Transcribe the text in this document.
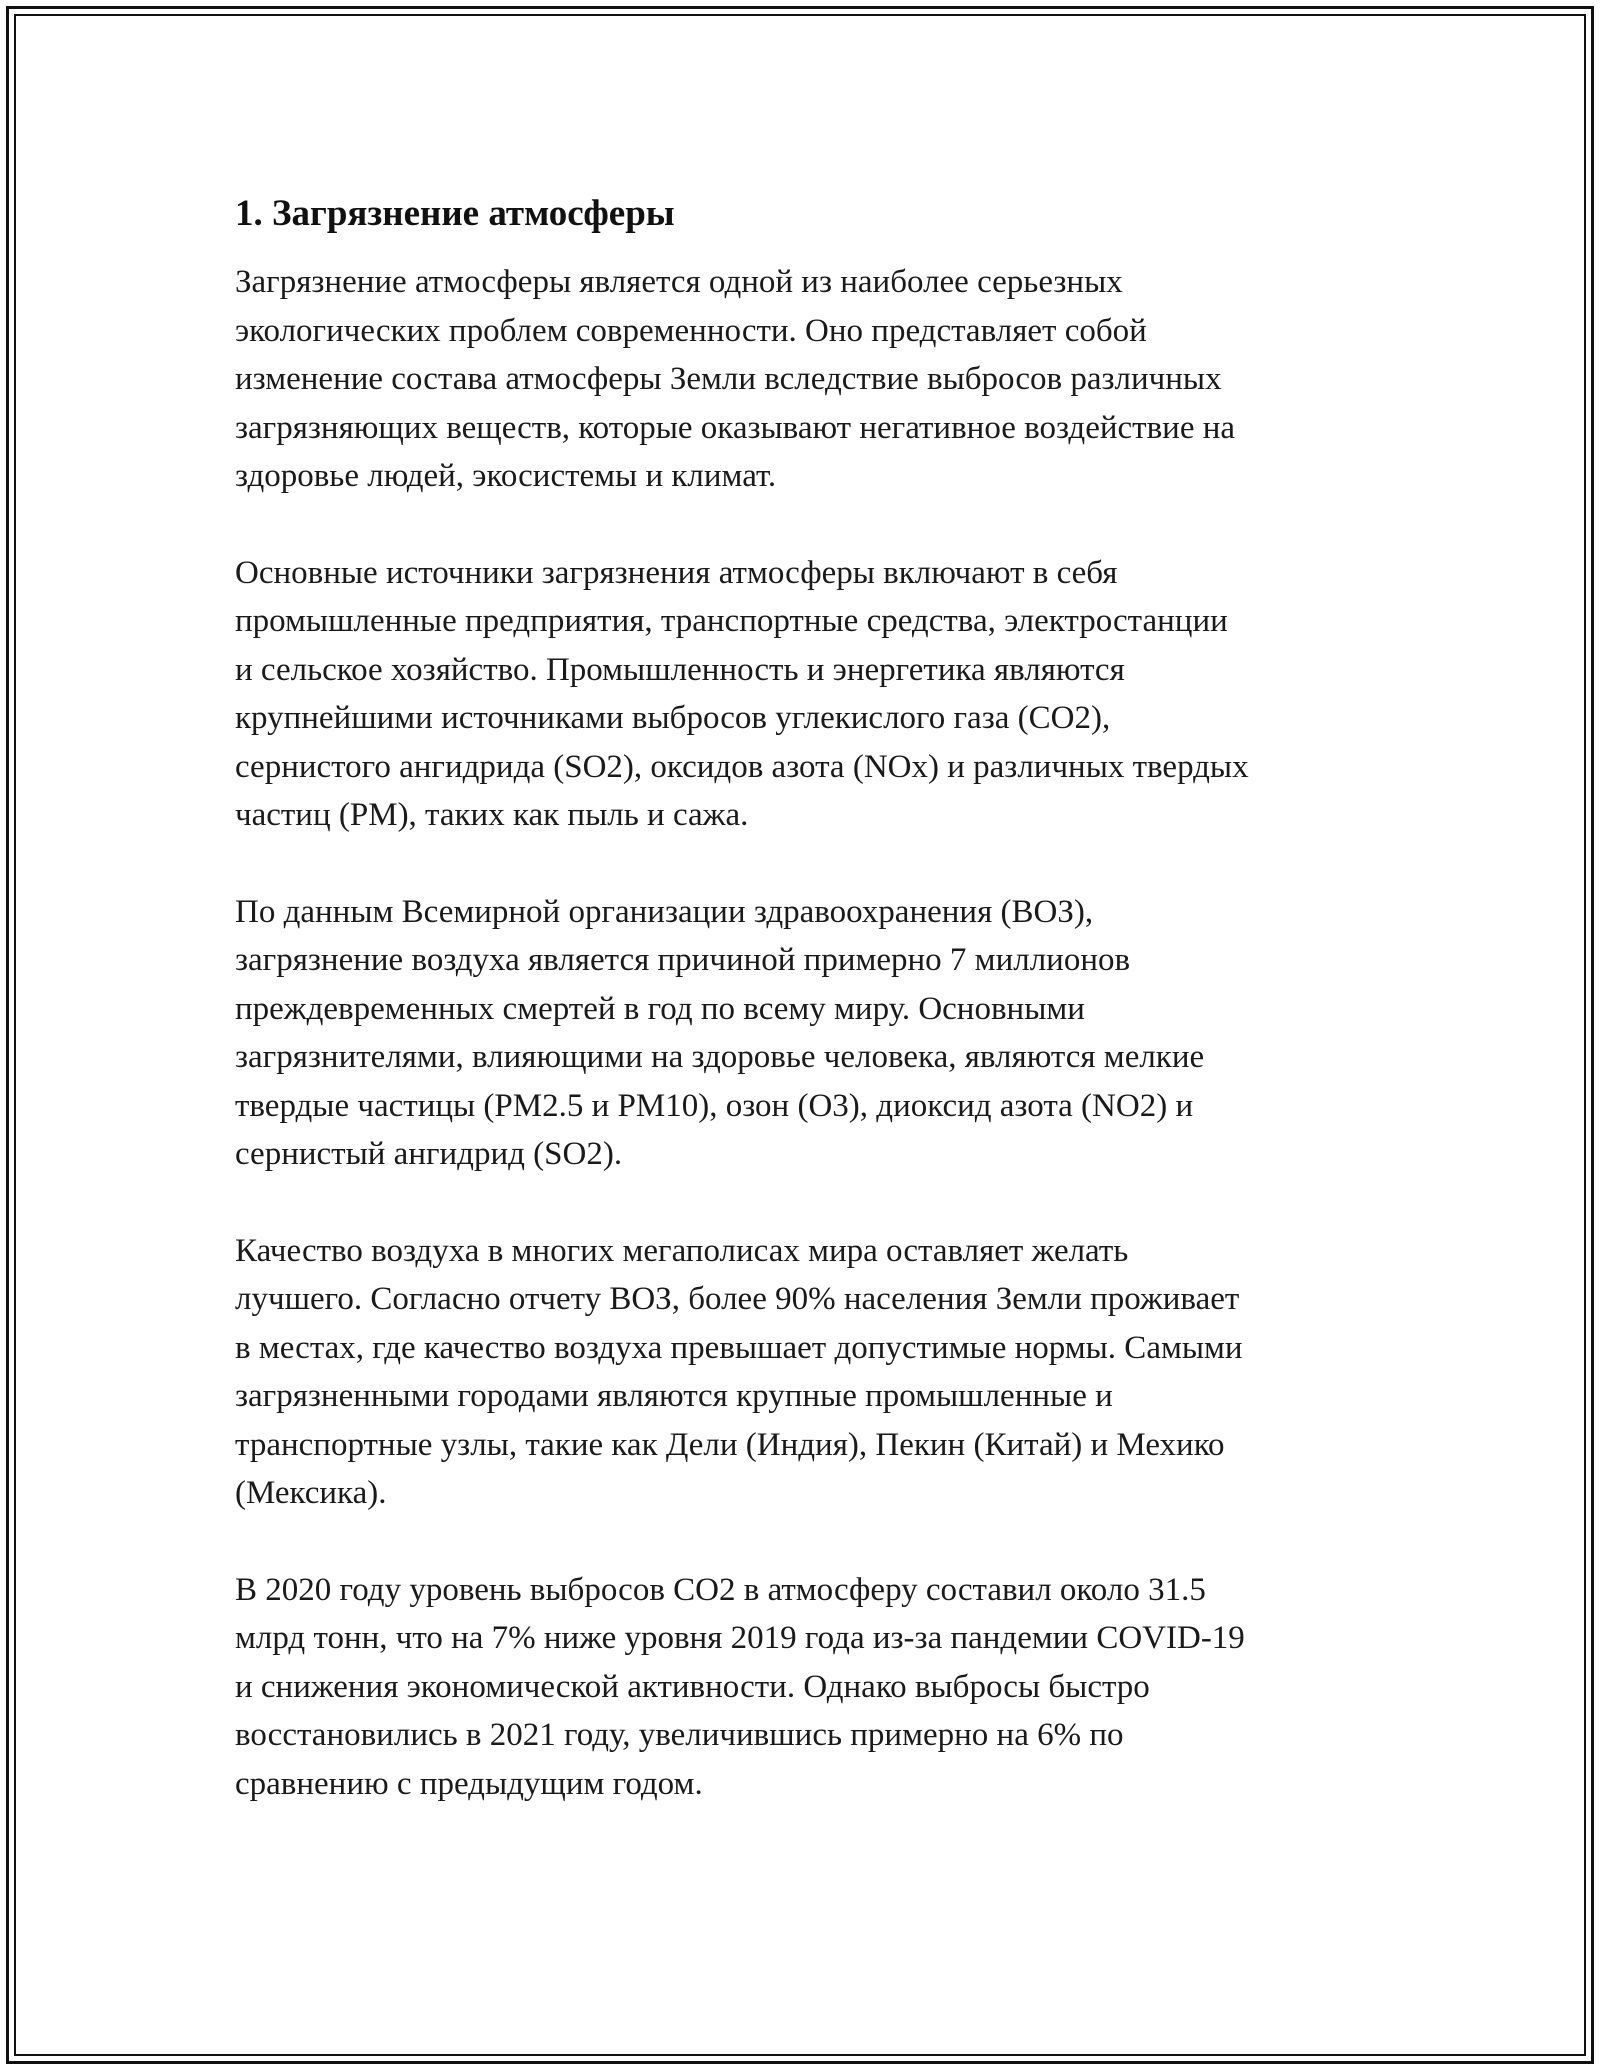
1. Загрязнение атмосферы

Загрязнение атмосферы является одной из наиболее серьезных
экологических проблем современности. Оно представляет собой
изменение состава атмосферы Земли вследствие выбросов различных
загрязняющих веществ, которые оказывают негативное воздействие на
здоровье людей, экосистемы и климат.

Основные источники загрязнения атмосферы включают в себя
промышленные предприятия, транспортные средства, электростанции
и сельское хозяйство. Промышленность и энергетика являются
крупнейшими источниками выбросов углекислого газа (CO2),
сернистого ангидрида (SO2), оксидов азота (NOx) и различных твердых
частиц (PM), таких как пыль и сажа.

По данным Всемирной организации здравоохранения (ВОЗ),
загрязнение воздуха является причиной примерно 7 миллионов
преждевременных смертей в год по всему миру. Основными
загрязнителями, влияющими на здоровье человека, являются мелкие
твердые частицы (PM2.5 и PM10), озон (O3), диоксид азота (NO2) и
сернистый ангидрид (SO2).

Качество воздуха в многих мегаполисах мира оставляет желать
лучшего. Согласно отчету ВОЗ, более 90% населения Земли проживает
в местах, где качество воздуха превышает допустимые нормы. Самыми
загрязненными городами являются крупные промышленные и
транспортные узлы, такие как Дели (Индия), Пекин (Китай) и Мехико
(Мексика).

В 2020 году уровень выбросов CO2 в атмосферу составил около 31.5
млрд тонн, что на 7% ниже уровня 2019 года из-за пандемии COVID-19
и снижения экономической активности. Однако выбросы быстро
восстановились в 2021 году, увеличившись примерно на 6% по
сравнению с предыдущим годом.
